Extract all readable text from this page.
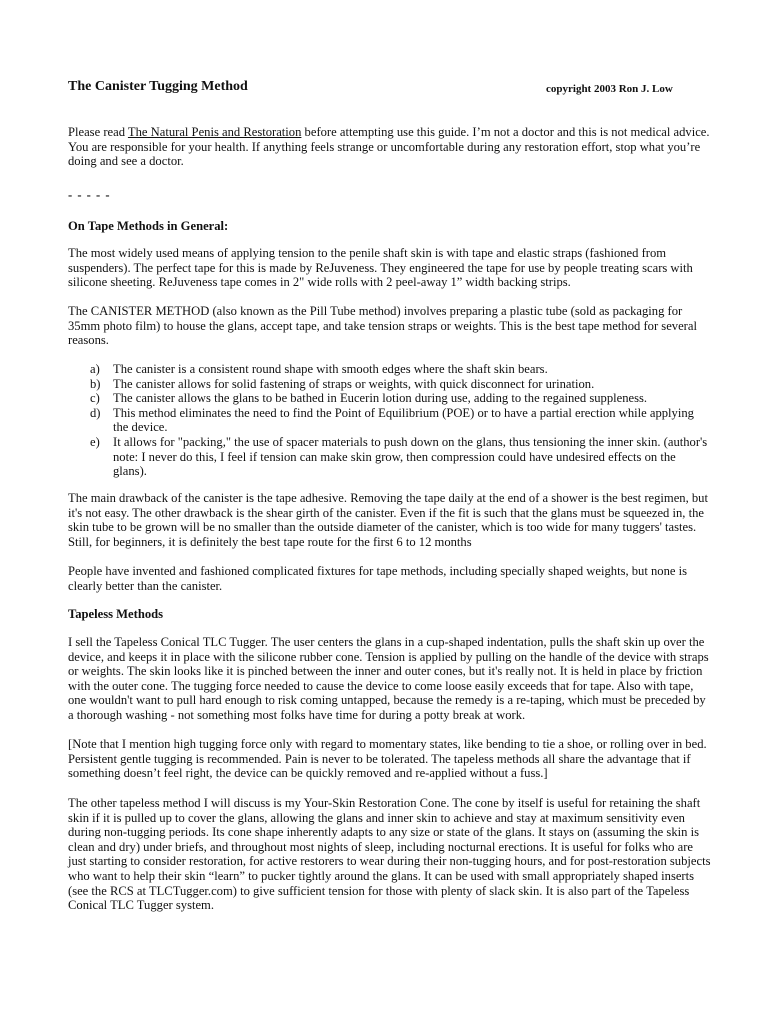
The Canister Tugging Method	copyright 2003 Ron J. Low

Please read The Natural Penis and Restoration before attempting use this guide. I’m not a doctor and this is not medical advice. You are responsible for your health. If anything feels strange or uncomfortable during any restoration effort, stop what you’re doing and see a doctor.

- - - - -
On Tape Methods in General:

The most widely used means of applying tension to the penile shaft skin is with tape and elastic straps (fashioned from suspenders). The perfect tape for this is made by ReJuveness. They engineered the tape for use by people treating scars with silicone sheeting. ReJuveness tape comes in 2" wide rolls with 2 peel-away 1” width backing strips.

The CANISTER METHOD (also known as the Pill Tube method) involves preparing a plastic tube (sold as packaging for 35mm photo film) to house the glans, accept tape, and take tension straps or weights. This is the best tape method for several reasons.

a) The canister is a consistent round shape with smooth edges where the shaft skin bears.
b) The canister allows for solid fastening of straps or weights, with quick disconnect for urination.
c) The canister allows the glans to be bathed in Eucerin lotion during use, adding to the regained suppleness.
d) This method eliminates the need to find the Point of Equilibrium (POE) or to have a partial erection while applying the device.
e) It allows for "packing," the use of spacer materials to push down on the glans, thus tensioning the inner skin. (author's note: I never do this, I feel if tension can make skin grow, then compression could have undesired effects on the glans).

The main drawback of the canister is the tape adhesive. Removing the tape daily at the end of a shower is the best regimen, but it's not easy. The other drawback is the shear girth of the canister. Even if the fit is such that the glans must be squeezed in, the skin tube to be grown will be no smaller than the outside diameter of the canister, which is too wide for many tuggers' tastes. Still, for beginners, it is definitely the best tape route for the first 6 to 12 months

People have invented and fashioned complicated fixtures for tape methods, including specially shaped weights, but none is clearly better than the canister.

Tapeless Methods

I sell the Tapeless Conical TLC Tugger. The user centers the glans in a cup-shaped indentation, pulls the shaft skin up over the device, and keeps it in place with the silicone rubber cone. Tension is applied by pulling on the handle of the device with straps or weights. The skin looks like it is pinched between the inner and outer cones, but it's really not. It is held in place by friction with the outer cone. The tugging force needed to cause the device to come loose easily exceeds that for tape. Also with tape, one wouldn't want to pull hard enough to risk coming untapped, because the remedy is a re-taping, which must be preceded by a thorough washing - not something most folks have time for during a potty break at work.

[Note that I mention high tugging force only with regard to momentary states, like bending to tie a shoe, or rolling over in bed. Persistent gentle tugging is recommended. Pain is never to be tolerated. The tapeless methods all share the advantage that if something doesn’t feel right, the device can be quickly removed and re-applied without a fuss.]

The other tapeless method I will discuss is my Your-Skin Restoration Cone. The cone by itself is useful for retaining the shaft skin if it is pulled up to cover the glans, allowing the glans and inner skin to achieve and stay at maximum sensitivity even during non-tugging periods. Its cone shape inherently adapts to any size or state of the glans. It stays on (assuming the skin is clean and dry) under briefs, and throughout most nights of sleep, including nocturnal erections. It is useful for folks who are just starting to consider restoration, for active restorers to wear during their non-tugging hours, and for post-restoration subjects who want to help their skin “learn” to pucker tightly around the glans. It can be used with small appropriately shaped inserts (see the RCS at TLCTugger.com) to give sufficient tension for those with plenty of slack skin. It is also part of the Tapeless Conical TLC Tugger system.
